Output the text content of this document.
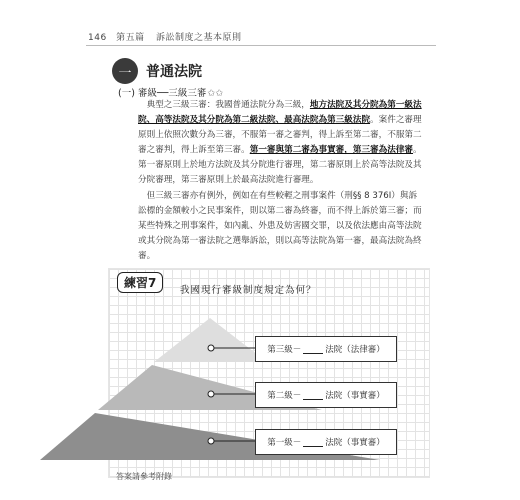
146 第五篇 訴訟制度之基本原則
一	普通法院
(一) 審級──三級三審✩✩

典型之三級三審：我國普通法院分為三級，地方法院及其分院為第一級法院、高等法院及其分院為第二級法院、最高法院為第三級法院。案件之審理原則上依照次數分為三審，不服第一審之審判，得上訴至第二審，不服第二審之審判，得上訴至第三審。第一審與第二審為事實審，第三審為法律審。第一審原則上於地方法院及其分院進行審理，第二審原則上於高等法院及其分院審理，第三審原則上於最高法院進行審理。

但三級三審亦有例外，例如在有些較輕之刑事案件（刑§§ 8 376Ⅰ）與訴訟標的金額較小之民事案件，則以第二審為終審，而不得上訴於第三審；而某些特殊之刑事案件，如內亂、外患及妨害國交罪，以及依法應由高等法院或其分院為第一審法院之選舉訴訟，則以高等法院為第一審，最高法院為終審。

練習7
我國現行審級制度規定為何？
第三級－	法院（法律審）
第二級－	法院（事實審）
第一級－	法院（事實審）
答案請參考附錄
